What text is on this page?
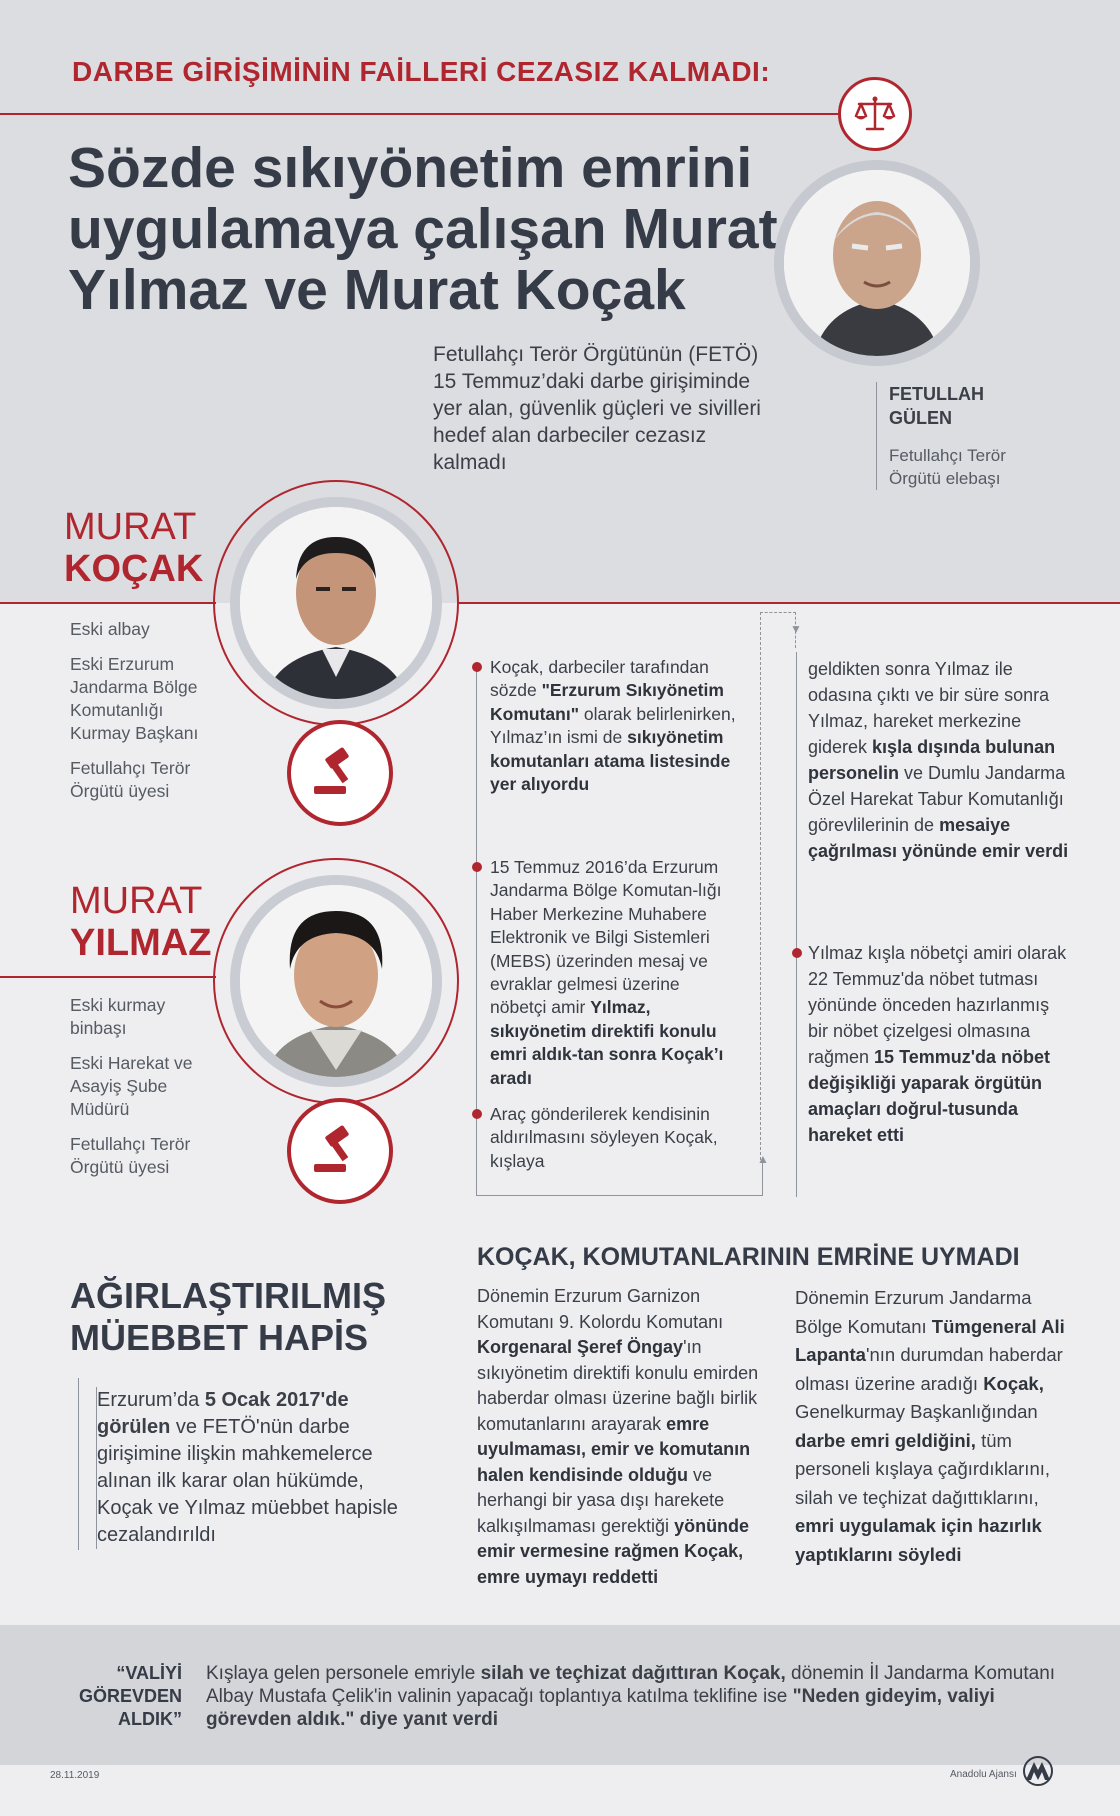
DARBE GİRİŞİMİNİN FAİLLERİ CEZASIZ KALMADI:
Sözde sıkıyönetim emrini uygulamaya çalışan Murat Yılmaz ve Murat Koçak
Fetullahçı Terör Örgütünün (FETÖ) 15 Temmuz’daki darbe girişiminde yer alan, güvenlik güçleri ve sivilleri hedef alan darbeciler cezasız kalmadı
FETULLAH GÜLEN
Fetullahçı Terör Örgütü elebaşı
MURAT
KOÇAK

Eski albay

Eski Erzurum Jandarma Bölge Komutanlığı Kurmay Başkanı

Fetullahçı Terör Örgütü üyesi

MURAT
YILMAZ

Eski kurmay binbaşı

Eski Harekat ve Asayiş Şube Müdürü

Fetullahçı Terör Örgütü üyesi	▲
▼
Koçak, darbeciler tarafından sözde "Erzurum Sıkıyönetim Komutanı" olarak belirlenirken, Yılmaz’ın ismi de sıkıyönetim komutanları atama listesinde yer alıyordu
15 Temmuz 2016’da Erzurum Jandarma Bölge Komutan-lığı Haber Merkezine Muhabere Elektronik ve Bilgi Sistemleri (MEBS) üzerinden mesaj ve evraklar gelmesi üzerine nöbetçi amir Yılmaz, sıkıyönetim direktifi konulu emri aldık-tan sonra Koçak’ı aradı
Araç gönderilerek kendisinin aldırılmasını söyleyen Koçak, kışlaya
geldikten sonra Yılmaz ile odasına çıktı ve bir süre sonra Yılmaz, hareket merkezine giderek kışla dışında bulunan personelin ve Dumlu Jandarma Özel Harekat Tabur Komutanlığı görevlilerinin de mesaiye çağrılması yönünde emir verdi
Yılmaz kışla nöbetçi amiri olarak 22 Temmuz'da nöbet tutması yönünde önceden hazırlanmış bir nöbet çizelgesi olmasına rağmen 15 Temmuz'da nöbet değişikliği yaparak örgütün amaçları doğrul-tusunda hareket etti
AĞIRLAŞTIRILMIŞ MÜEBBET HAPİS
Erzurum’da 5 Ocak 2017'de görülen ve FETÖ'nün darbe girişimine ilişkin mahkemelerce alınan ilk karar olan hükümde, Koçak ve Yılmaz müebbet hapisle cezalandırıldı
KOÇAK, KOMUTANLARININ EMRİNE UYMADI
Dönemin Erzurum Garnizon Komutanı 9. Kolordu Komutanı Korgenaral Şeref Öngay'ın sıkıyönetim direktifi konulu emirden haberdar olması üzerine bağlı birlik komutanlarını arayarak emre uyulmaması, emir ve komutanın halen kendisinde olduğu ve herhangi bir yasa dışı harekete kalkışılmaması gerektiği yönünde emir vermesine rağmen Koçak, emre uymayı reddetti
Dönemin Erzurum Jandarma Bölge Komutanı Tümgeneral Ali Lapanta'nın durumdan haberdar olması üzerine aradığı Koçak, Genelkurmay Başkanlığından darbe emri geldiğini, tüm personeli kışlaya çağırdıklarını, silah ve teçhizat dağıttıklarını, emri uygulamak için hazırlık yaptıklarını söyledi
“VALİYİ GÖREVDEN ALDIK”
Kışlaya gelen personele emriyle silah ve teçhizat dağıttıran Koçak, dönemin İl Jandarma Komutanı Albay Mustafa Çelik'in valinin yapacağı toplantıya katılma teklifine ise "Neden gideyim, valiyi görevden aldık." diye yanıt verdi
28.11.2019	Anadolu Ajansı
